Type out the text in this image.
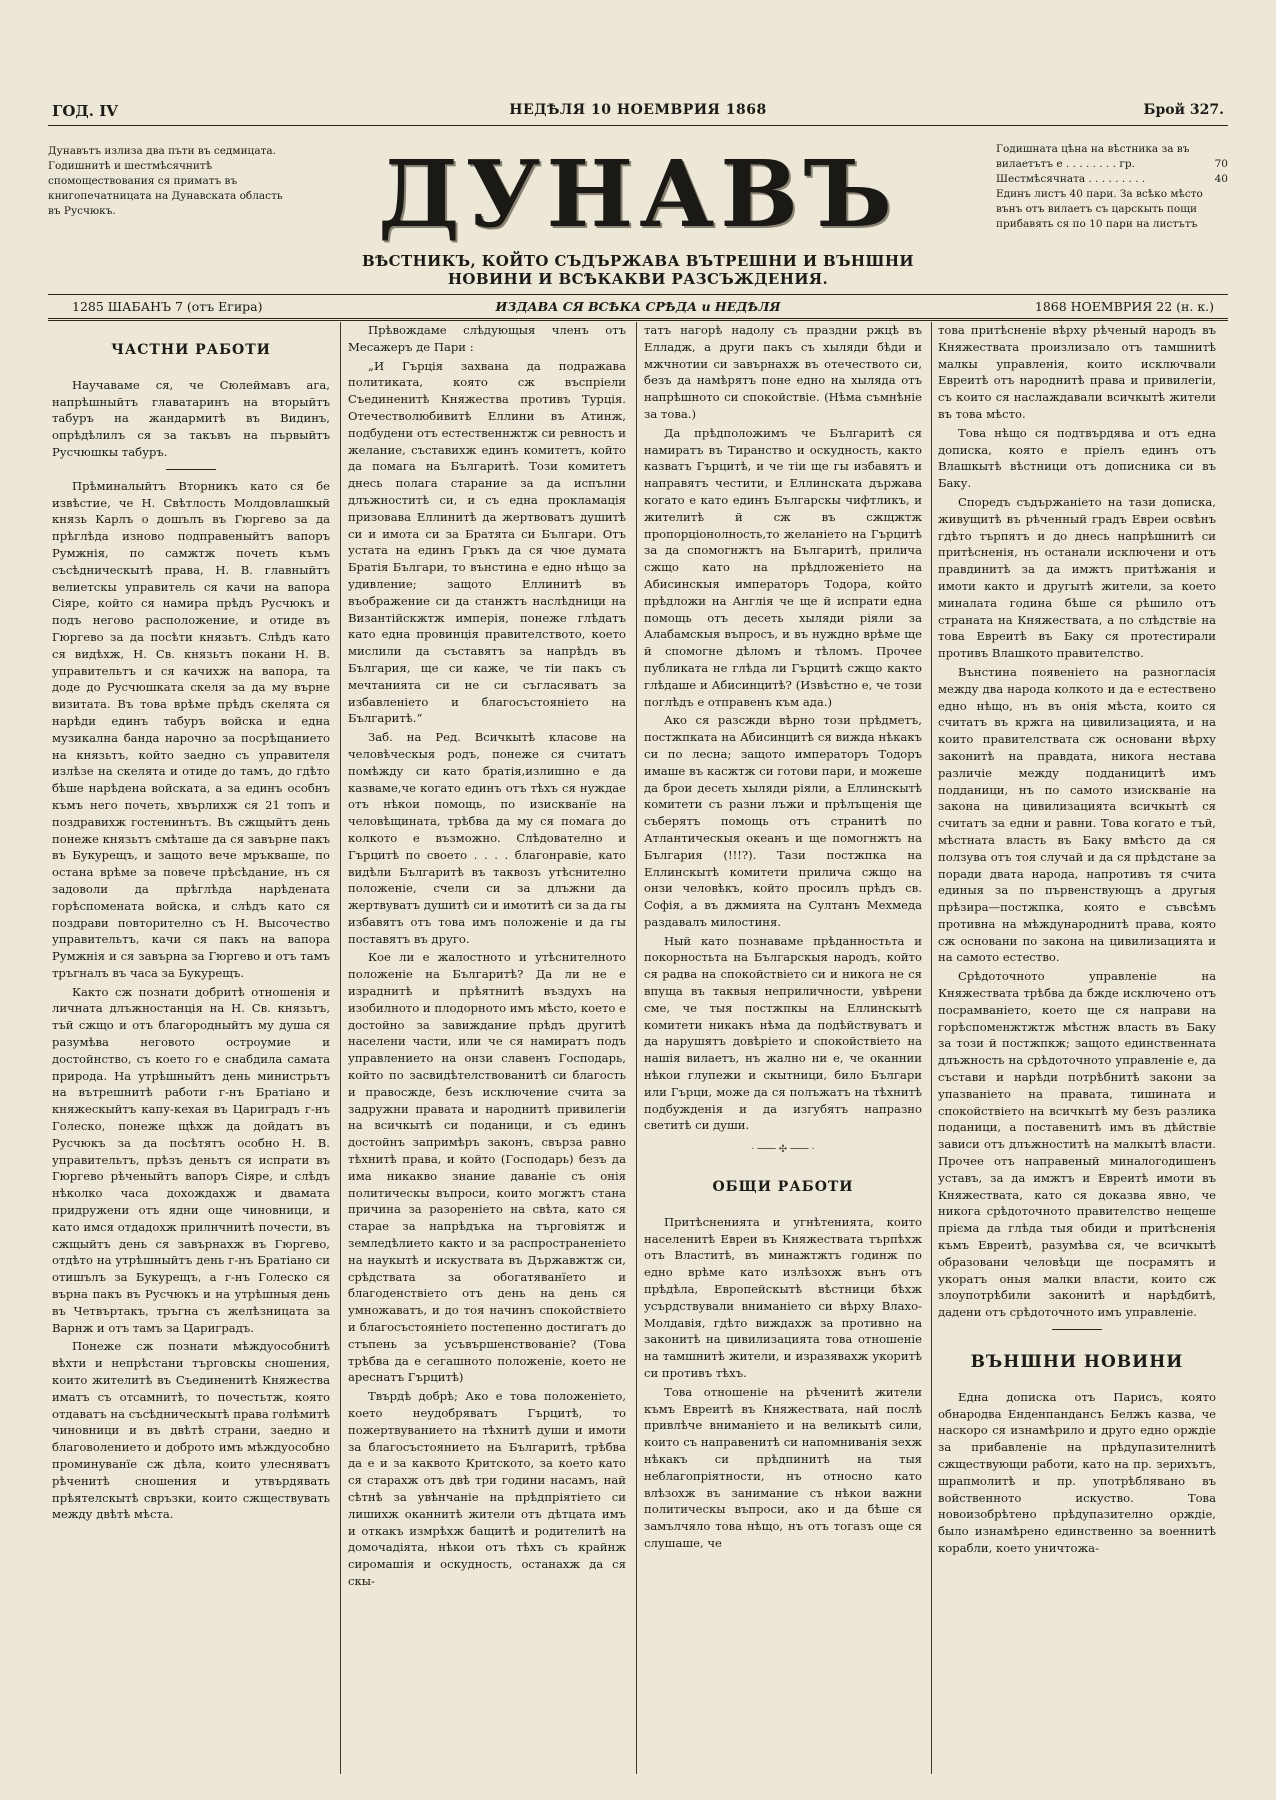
ГОД. IV	НЕДѢЛЯ 10 НОЕМВРИЯ 1868	Брой 327.
Дунавътъ излиза два пъти въ седмицата. Годишнитѣ и шестмѣсячнитѣ спомоществования ся приматъ въ книгопечатницата на Дунавската область въ Русчюкъ.	ДУНАВЪ
ВѢСТНИКЪ, КОЙТО СЪДЪРЖАВА ВЪТРЕШНИ И ВЪНШНИ НОВИНИ И ВСѢКАКВИ РАЗСЪЖДЕНИЯ.
Годишната цѣна на вѣстника за въ
вилаетътъ е . . . . . . . . гр.	70
Шестмѣсячната . . . . . . . . .	40
Единъ листъ 40 пари. За всѣко мѣсто вънъ отъ вилаетъ съ царскыть пощи прибавять ся по 10 пари на листътъ
1285 ШАБАНЪ 7 (отъ Егира)	ИЗДАВА СЯ ВСѢКА СРѢДА и НЕДѢЛЯ	1868 НОЕМВРИЯ 22 (н. к.)
ЧАСТНИ РАБОТИ

Научаваме ся, че Сюлеймавъ ага, напрѣшныйтъ главатаринъ на вторыйтъ табуръ на жандармитѣ въ Видинъ, опрѣдѣлилъ ся за такъвъ на първыйтъ Русчюшкы табуръ.

Прѣминалыйтъ Вторникъ като ся бе извѣстие, че Н. Свѣтлость Молдовлашкый князь Карлъ о дошълъ въ Гюргево за да прѣглѣда изново подправеныйтъ вапоръ Румжнія, по самжтж почеть къмъ съсѣдническытѣ права, Н. В. главныйтъ велиетскы управитель ся качи на вапора Сіяре, който ся намира прѣдъ Русчюкъ и подъ негово расположение, и отиде въ Гюргево за да посѣти князьтъ. Слѣдъ като ся видѣхж, Н. Св. князьтъ покани Н. В. управительтъ и ся качихж на вапора, та доде до Русчюшката скеля за да му върне визитата. Въ това врѣме прѣдъ скелята ся нарѣди единъ табуръ войска и една музикална банда нарочно за посрѣщанието на князьтъ, който заедно съ управителя излѣзе на скелята и отиде до тамъ, до гдѣто бѣше нарѣдена войската, а за единъ особнъ къмъ него почеть, хвърлихж ся 21 топъ и поздравихж гостенинътъ. Въ сжщыйтъ день понеже князьтъ смѣташе да ся завърне пакъ въ Букурещъ, и защото вече мръкваше, по остана врѣме за повече прѣсѣдание, нъ ся задоволи да прѣглѣда нарѣдената горѣспомената войска, и слѣдъ като ся поздрави повторително съ Н. Высочество управительтъ, качи ся пакъ на вапора Румжнія и ся завърна за Гюргево и отъ тамъ тръгналъ въ часа за Букурещъ.

Както сж познати добритѣ отношенія и личната длъжностанція на Н. Св. князьтъ, тъй сжщо и отъ благородныйтъ му душа ся разумѣва неговото остроумие и достойнство, съ което го е снабдила самата природа. На утрѣшныйтъ день министрьтъ на вътрешнитѣ работи г-нъ Братіано и княжескыйтъ капу-кехая въ Цариградъ г-нъ Голеско, понеже щѣхж да дойдатъ въ Русчюкъ за да посѣтятъ особно Н. В. управительтъ, прѣзъ деньтъ ся испрати въ Гюргево рѣченыйтъ вапоръ Сіяре, и слѣдъ нѣколко часа дохождахж и двамата придружени отъ ядни още чиновници, и като имся отдадохж прилнчнитѣ почести, въ сжщыйтъ день ся завърнахж въ Гюргево, отдѣто на утрѣшныйтъ день г-нъ Братіано си отишълъ за Букурещъ, а г-нъ Голеско ся върна пакъ въ Русчюкъ и на утрѣшныя день въ Четвъртакъ, тръгна съ желѣзницата за Варнж и отъ тамъ за Цариградъ.

Понеже сж познати мѣждуособнитѣ вѣхти и непрѣстани търговскы сношения, които жителитѣ въ Съединенитѣ Княжества иматъ съ отсамнитѣ, то почестьтж, която отдаватъ на съсѣдническытѣ права голѣмитѣ чиновници и въ двѣтѣ страни, заедно и благоволението и доброто имъ мѣждуособно проминуванїе сж дѣла, които улесняватъ рѣченитѣ сношения и утвърдявать прѣятелскытѣ свръзки, които сжществувать между двѣтѣ мѣста.

Прѣвождаме слѣдующыя членъ отъ Месажеръ де Пари :

„И Гърція захвана да подражава политиката, която сж въспріели Съединенитѣ Княжества противъ Турція. Отечестволюбивитѣ Еллини въ Атинж, подбудени отъ естественнжтж си ревность и желание, съставихж единъ комитетъ, който да помага на Българитѣ. Този комитетъ днесь полага старание за да испълни длъжноститѣ си, и съ една прокламація призовава Еллинитѣ да жертвоватъ душитѣ си и имота си за Братята си Българи. Отъ устата на единъ Гръкъ да ся чюе думата Братія Българи, то вънстина е едно нѣщо за удивление; защото Еллинитѣ въ въображение си да станжтъ наслѣдници на Византійскжтж имперія, понеже глѣдатъ като една провинція правителството, което мислили да съставятъ за напрѣдъ въ България, ще си каже, че тіи пакъ съ мечтанията си не си съгласяватъ за избавленіето и благосъстояніето на Българитѣ.“

Заб. на Ред. Всичкытѣ класове на человѣческыя родъ, понеже ся считатъ помѣжду си като братія,излишно е да казваме,че когато единъ отъ тѣхъ ся нуждае отъ нѣкои помощь, по изискванїе на человѣщината, трѣбва да му ся помага до колкото е възможно. Слѣдователно и Гърцитѣ по своето . . . . благонравіе, като видѣли Българитѣ въ таквозъ утѣснително положеніе, счели си за длъжни да жертвуватъ душитѣ си и имотитѣ си за да гы избавятъ отъ това имъ положеніе и да гы поставятъ въ друго.

Кое ли е жалостното и утѣснителното положеніе на Българитѣ? Да ли не е израднитѣ и прѣятнитѣ въздухъ на изобилното и плодорното имъ мѣсто, което е достойно за завиждание прѣдъ другитѣ населени части, или че ся намиратъ подъ управлението на онзи славенъ Господарь, който по засвидѣтелствованитѣ си благость и правосжде, безъ исключение счита за задружни правата и народнитѣ привилегіи на всичкытѣ си поданици, и съ единъ достойнъ запримѣръ законъ, свърза равно тѣхнитѣ права, и който (Господарь) безъ да има никакво знание даваніе съ онія политическы въпроси, които могжтъ стана причина за разореніето на свѣта, като ся старае за напрѣдъка на търговіятж и земледѣлието както и за распространеніето на наукытѣ и искуствата въ Държавжтж си, срѣдствата за обогатяванїето и благоденствіето отъ день на день ся умножаватъ, и до тоя начинъ спокойствіето и благосъстояніето постепенно достигатъ до стъпень за усъвършенствованіе? (Това трѣбва да е сегашното положеніе, което не ареснатъ Гърцитѣ)

Твърдѣ добрѣ; Ако е това положеніето, което неудобряватъ Гърцитѣ, то пожертвуванието на тѣхнитѣ души и имоти за благосъстоянието на Българитѣ, трѣбва да е и за каквото Критското, за което като ся старахж отъ двѣ три години насамъ, най сѣтнѣ за увѣнчаніе на прѣдпріятіето си лишихж оканнитѣ жители отъ дѣтцата имъ и откакъ измрѣхж бащитѣ и родителитѣ на домочадіята, нѣкои отъ тѣхъ съ крайнж сиромашія и оскудность, останахж да ся скы-

татъ нагорѣ надолу съ праздни ржцѣ въ Елладж, а други пакъ съ хыляди бѣди и мжчнотии си завърнахж въ отечеството си, безъ да намѣрятъ поне едно на хыляда отъ напрѣшното си спокойствіе. (Нѣма съмнѣніе за това.)

Да прѣдположимъ че Българитѣ ся намиратъ въ Тиранство и оскудность, както казватъ Гърцитѣ, и че тіи ще гы избавятъ и направятъ честити, и Еллинската държава когато е като единъ Българскы чифтликъ, и жителитѣ й сж въ сжщжтж пропорціонолность,то желаніето на Гърцитѣ за да спомогнжтъ на Българитѣ, прилича сжщо като на прѣдложеніето на Абисинскыя императоръ Тодора, който прѣдложи на Англія че ще й испрати една помощь отъ десеть хыляди ріяли за Алабамскыя въпросъ, и въ нуждно врѣме ще й спомогне дѣломъ и тѣломъ. Прочее публиката не глѣда ли Гърцитѣ сжщо както глѣдаше и Абисинцитѣ? (Извѣстно е, че този поглѣдъ е отправенъ към ада.)

Ако ся разсжди вѣрно този прѣдметъ, постжпката на Абисинцитѣ ся вижда нѣкакъ си по лесна; защото императоръ Тодоръ имаше въ касжтж си готови пари, и можеше да брои десеть хыляди ріяли, а Еллинскытѣ комитети съ разни лъжи и прѣлъщенія ще съберятъ помощь отъ странитѣ по Атлантическыя океанъ и ще помогнжтъ на България (!!!?). Тази постжпка на Еллинскытѣ комитети прилича сжщо на онзи человѣкъ, който просилъ прѣдъ св. Софія, а въ джмията на Султанъ Мехмеда раздавалъ милостиня.

Ный като познаваме прѣданностьта и покорностьта на Българскыя народъ, който ся радва на спокойствіето си и никога не ся впуща въ таквыя неприличности, увѣрени сме, че тыя постжпкы на Еллинскытѣ комитети никакъ нѣма да подѣйствуватъ и да нарушятъ довѣріето и спокойствіето на нашія вилаетъ, нъ жално ни е, че оканнии нѣкои глупежи и скытници, било Българи или Гърци, може да ся полъжатъ на тѣхнитѣ подбужденія и да изгубятъ напразно светитѣ си души.

· ─── ✣ ─── ·
ОБЩИ РАБОТИ

Притѣсненията и угнѣтенията, които населенитѣ Евреи въ Княжествата търпѣхж отъ Властитѣ, въ минажтжтъ годинж по едно врѣме като излѣзохж вънъ отъ прѣдѣла, Европейскытѣ вѣстници бѣхж усърдствували вниманіето си вѣрху Влахо-Молдавія, гдѣто виждахж за противно на законитѣ на цивилизацията това отношеніе на тамшнитѣ жители, и изразявахж укоритѣ си противъ тѣхъ.

Това отношеніе на рѣченитѣ жители къмъ Евреитѣ въ Княжествата, най послѣ привлѣче вниманіето и на великытѣ сили, които съ направенитѣ си напомниванія зехж нѣкакъ си прѣдпинитѣ на тыя неблагопріятности, нъ относно като влѣзохж въ занимание съ нѣкои важни политическы въпроси, ако и да бѣше ся замълчяло това нѣщо, нъ отъ тогазъ още ся слушаше, че

това притѣсненіе вѣрху рѣченый народъ въ Княжествата произлизало отъ тамшнитѣ малкы управленія, които исключвали Евреитѣ отъ народнитѣ права и привилегіи, съ които ся наслаждавали всичкытѣ жители въ това мѣсто.

Това нѣщо ся подтвърдява и отъ една дописка, която е пріелъ единъ отъ Влашкытѣ вѣстници отъ дописника си въ Баку.

Споредъ съдържаніето на тази дописка, живущитѣ въ рѣченный градъ Евреи освѣнъ гдѣто търпятъ и до днесь напрѣшнитѣ си притѣсненія, нъ останали исключени и отъ правдинитѣ за да имжтъ притѣжанія и имоти както и другытѣ жители, за което миналата година бѣше ся рѣшило отъ страната на Княжествата, а по слѣдствіе на това Евреитѣ въ Баку ся протестирали противъ Влашкото правителство.

Вънстина появеніето на разногласія между два народа колкото и да е естествено едно нѣщо, нъ въ онія мѣста, които ся считатъ въ кржга на цивилизацията, и на които правителствата сж основани вѣрху законитѣ на правдата, никога нестава различіе между подданицитѣ имъ подданици, нъ по самото изискваніе на закона на цивилизацията всичкытѣ ся считатъ за едни и равни. Това когато е тъй, мѣстната власть въ Баку вмѣсто да ся ползува отъ тоя случай и да ся прѣдстане за поради двата народа, напротивъ тя счита единыя за по първенствующъ а другыя прѣзира—постжпка, която е съвсѣмъ противна на мѣждународнитѣ права, която сж основани по закона на цивилизацията и на самото естество.

Срѣдоточното управленіе на Княжествата трѣбва да бжде исключено отъ посрамваніето, което ще ся направи на горѣспоменжтжтж мѣстнж власть въ Баку за този й постжпкж; защото единственната длъжность на срѣдоточното управленіе е, да състави и нарѣди потрѣбнитѣ закони за упазваніето на правата, тишината и спокойствіето на всичкытѣ му безъ разлика поданици, а поставенитѣ имъ въ дѣйствіе зависи отъ длъжноститѣ на малкытѣ власти. Прочее отъ направеный миналогодишенъ уставъ, за да имжтъ и Евреитѣ имоти въ Княжествата, като ся доказва явно, че никога срѣдоточното правителство нещеше прієма да глѣда тыя обиди и притѣсненія къмъ Евреитѣ, разумѣва ся, че всичкытѣ образовани человѣци ще посрамятъ и укоратъ оныя малки власти, които сж злоупотрѣбили законитѣ и нарѣдбитѣ, дадени отъ срѣдоточното имъ управленіе.

ВЪНШНИ НОВИНИ

Една дописка отъ Парисъ, която обнародва Енденпандансъ Белжъ казва, че наскоро ся изнамѣрило и друго едно орждіе за прибавленіе на прѣдупазителнитѣ сжществующи работи, като на пр. зерихътъ, шрапмолитѣ и пр. употрѣблявано въ войственното искуство. Това новоизобрѣтено прѣдупазително орждіе, было изнамѣрено единственно за военнитѣ корабли, което уничтожа-
